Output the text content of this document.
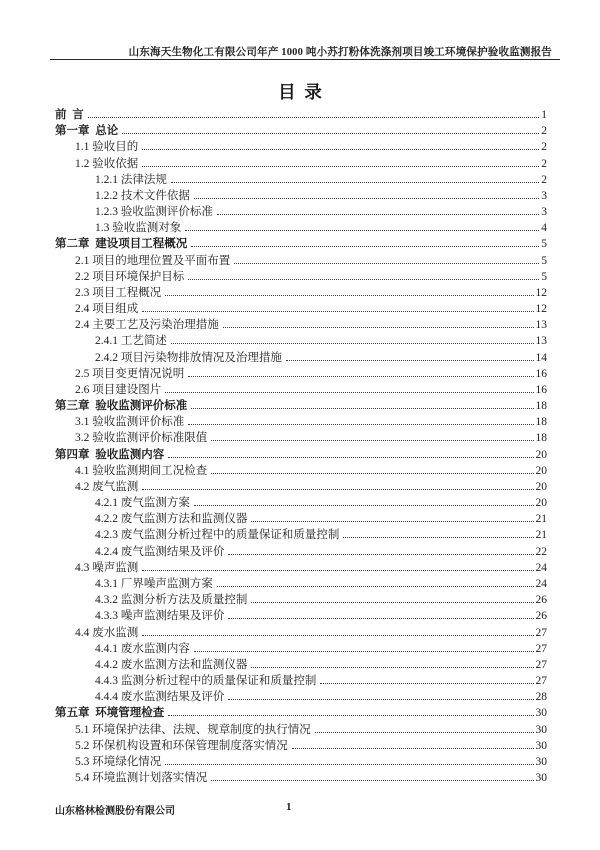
山东海天生物化工有限公司年产 1000 吨小苏打粉体洗涤剂项目竣工环境保护验收监测报告
目  录
前  言	1
第一章  总论	2
1.1 验收目的	2
1.2 验收依据	2
1.2.1 法律法规	2
1.2.2 技术文件依据	3
1.2.3 验收监测评价标准	3
1.3 验收监测对象	4
第二章  建设项目工程概况	5
2.1 项目的地理位置及平面布置	5
2.2 项目环境保护目标	5
2.3 项目工程概况	12
2.4 项目组成	12
2.4 主要工艺及污染治理措施	13
2.4.1 工艺简述	13
2.4.2 项目污染物排放情况及治理措施	14
2.5 项目变更情况说明	16
2.6 项目建设图片	16
第三章  验收监测评价标准	18
3.1 验收监测评价标准	18
3.2 验收监测评价标准限值	18
第四章  验收监测内容	20
4.1 验收监测期间工况检查	20
4.2 废气监测	20
4.2.1 废气监测方案	20
4.2.2 废气监测方法和监测仪器	21
4.2.3 废气监测分析过程中的质量保证和质量控制	21
4.2.4 废气监测结果及评价	22
4.3 噪声监测	24
4.3.1 厂界噪声监测方案	24
4.3.2 监测分析方法及质量控制	26
4.3.3 噪声监测结果及评价	26
4.4 废水监测	27
4.4.1 废水监测内容	27
4.4.2 废水监测方法和监测仪器	27
4.4.3 监测分析过程中的质量保证和质量控制	27
4.4.4 废水监测结果及评价	28
第五章  环境管理检查	30
5.1 环境保护法律、法规、规章制度的执行情况	30
5.2 环保机构设置和环保管理制度落实情况	30
5.3 环境绿化情况	30
5.4 环境监测计划落实情况	30
山东格林检测股份有限公司	1
